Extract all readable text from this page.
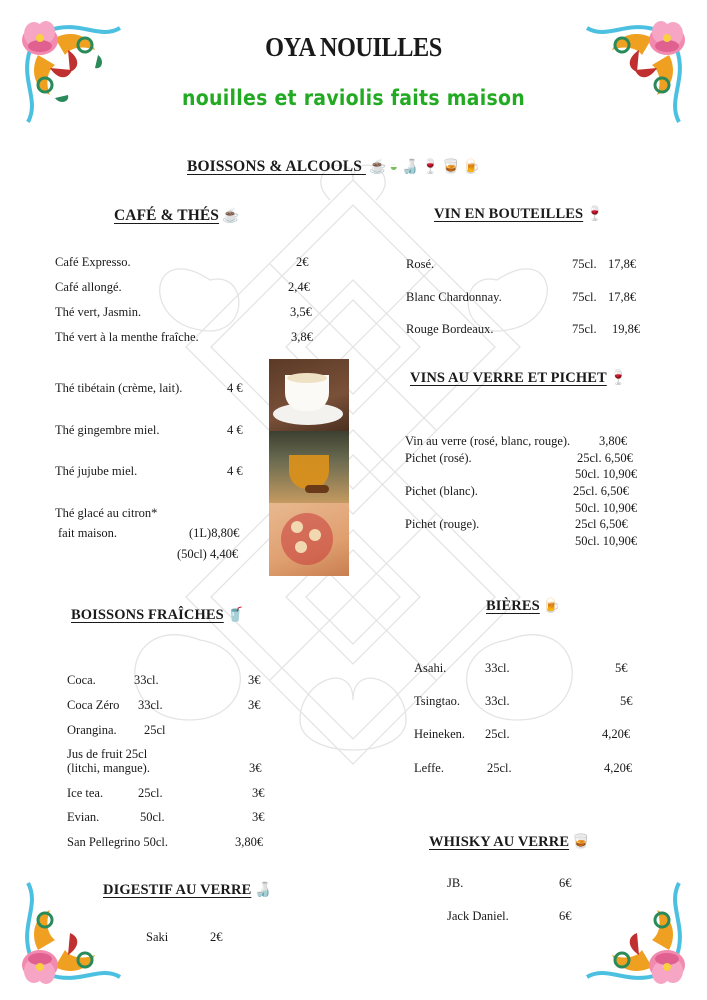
OYA NOUILLES
nouilles et raviolis faits maison
BOISSONS & ALCOOLS ☕ ◒ 🍶 🍷 🥃 🍺
CAFÉ & THÉS ☕
Café Expresso.	2€
Café allongé.	2,4€
Thé vert, Jasmin.	3,5€
Thé vert à la menthe fraîche.	3,8€
Thé tibétain (crème, lait).	4 €
Thé gingembre miel.	4 €
Thé jujube miel.	4 €
Thé glacé au citron*
fait maison.	(1L)8,80€
(50cl) 4,40€
VIN EN BOUTEILLES 🍷
Rosé.	75cl. 17,8€
Blanc Chardonnay.	75cl. 17,8€
Rouge Bordeaux.	75cl. 19,8€
VINS AU VERRE ET PICHET 🍷
Vin au verre (rosé, blanc, rouge). 3,80€
Pichet (rosé).	25cl. 6,50€
50cl. 10,90€
Pichet (blanc).	25cl. 6,50€
50cl. 10,90€
Pichet (rouge).	25cl 6,50€
50cl. 10,90€
BOISSONS FRAÎCHES 🥤
Coca.	33cl.	3€
Coca Zéro 33cl.	3€
Orangina. 25cl
Jus de fruit 25cl
(litchi, mangue).	3€
Ice tea.	25cl.	3€
Evian.	50cl.	3€
San Pellegrino 50cl.	3,80€
BIÈRES 🍺
Asahi.	33cl.	5€
Tsingtao. 33cl.	5€
Heineken. 25cl.	4,20€
Leffe.	25cl.	4,20€
WHISKY AU VERRE 🥃
JB.	6€
Jack Daniel.	6€
DIGESTIF AU VERRE 🍶
Saki	2€
